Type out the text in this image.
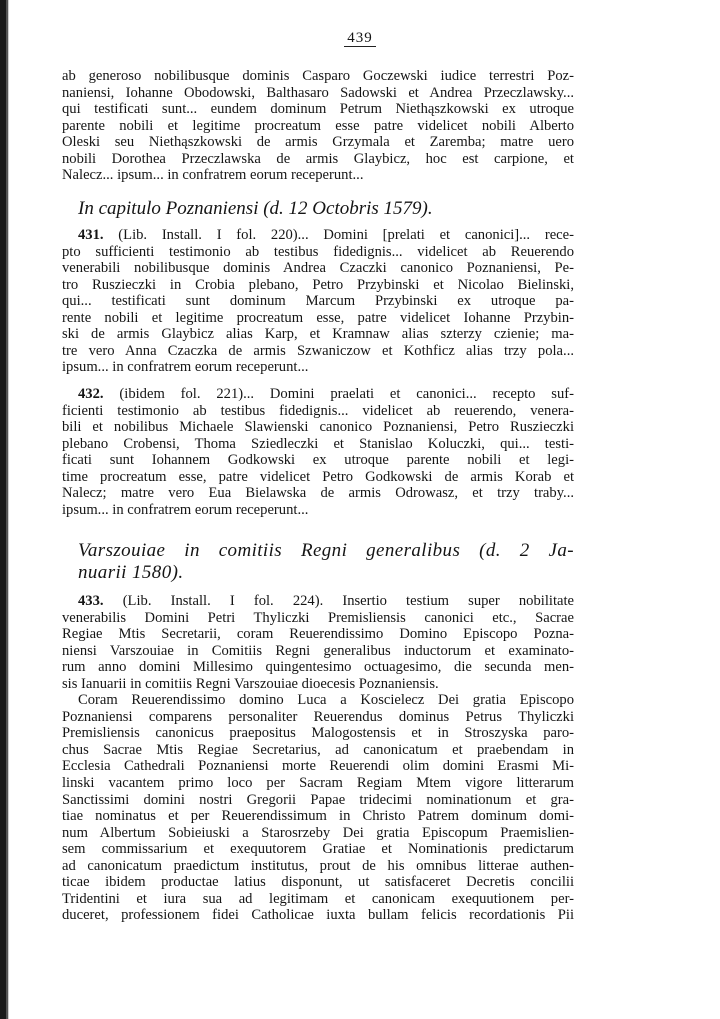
439

ab generoso nobilibusque dominis Casparo Goczewski iudice terrestri Poz-
naniensi, Iohanne Obodowski, Balthasaro Sadowski et Andrea Przeczlawsky...
qui testificati sunt... eundem dominum Petrum Niethąszkowski ex utroque
parente nobili et legitime procreatum esse patre videlicet nobili Alberto
Oleski seu Niethąszkowski de armis Grzymala et Zaremba; matre uero
nobili Dorothea Przeczlawska de armis Glaybicz, hoc est carpione, et
Nalecz... ipsum... in confratrem eorum receperunt...

In capitulo Poznaniensi (d. 12 Octobris 1579).

431. (Lib. Install. I fol. 220)... Domini [prelati et canonici]... rece-
pto sufficienti testimonio ab testibus fidedignis... videlicet ab Reuerendo
venerabili nobilibusque dominis Andrea Czaczki canonico Poznaniensi, Pe-
tro Ruszieczki in Crobia plebano, Petro Przybinski et Nicolao Bielinski,
qui... testificati sunt dominum Marcum Przybinski ex utroque pa-
rente nobili et legitime procreatum esse, patre videlicet Iohanne Przybin-
ski de armis Glaybicz alias Karp, et Kramnaw alias szterzy czienie; ma-
tre vero Anna Czaczka de armis Szwaniczow et Kothficz alias trzy pola...
ipsum... in confratrem eorum receperunt...

432. (ibidem fol. 221)... Domini praelati et canonici... recepto suf-
ficienti testimonio ab testibus fidedignis... videlicet ab reuerendo, venera-
bili et nobilibus Michaele Slawienski canonico Poznaniensi, Petro Ruszieczki
plebano Crobensi, Thoma Sziedleczki et Stanislao Koluczki, qui... testi-
ficati sunt Iohannem Godkowski ex utroque parente nobili et legi-
time procreatum esse, patre videlicet Petro Godkowski de armis Korab et
Nalecz; matre vero Eua Bielawska de armis Odrowasz, et trzy traby...
ipsum... in confratrem eorum receperunt...

Varszouiae in comitiis Regni generalibus (d. 2 Ja-
nuarii 1580).

433. (Lib. Install. I fol. 224). Insertio testium super nobilitate
venerabilis Domini Petri Thyliczki Premisliensis canonici etc., Sacrae
Regiae Mtis Secretarii, coram Reuerendissimo Domino Episcopo Pozna-
niensi Varszouiae in Comitiis Regni generalibus inductorum et examinato-
rum anno domini Millesimo quingentesimo octuagesimo, die secunda men-
sis Ianuarii in comitiis Regni Varszouiae dioecesis Poznaniensis.
Coram Reuerendissimo domino Luca a Koscielecz Dei gratia Episcopo
Poznaniensi comparens personaliter Reuerendus dominus Petrus Thyliczki
Premisliensis canonicus praepositus Malogostensis et in Stroszyska paro-
chus Sacrae Mtis Regiae Secretarius, ad canonicatum et praebendam in
Ecclesia Cathedrali Poznaniensi morte Reuerendi olim domini Erasmi Mi-
linski vacantem primo loco per Sacram Regiam Mtem vigore litterarum
Sanctissimi domini nostri Gregorii Papae tridecimi nominationum et gra-
tiae nominatus et per Reuerendissimum in Christo Patrem dominum domi-
num Albertum Sobieiuski a Starosrzeby Dei gratia Episcopum Praemislien-
sem commissarium et exequutorem Gratiae et Nominationis predictarum
ad canonicatum praedictum institutus, prout de his omnibus litterae authen-
ticae ibidem productae latius disponunt, ut satisfaceret Decretis concilii
Tridentini et iura sua ad legitimam et canonicam exequutionem per-
duceret, professionem fidei Catholicae iuxta bullam felicis recordationis Pii
